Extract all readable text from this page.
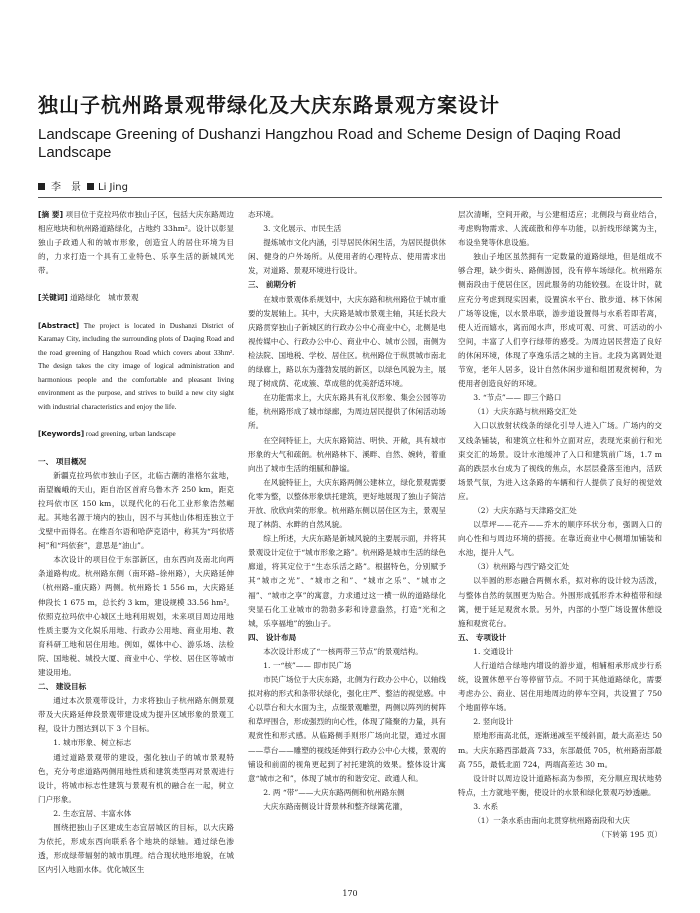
独山子杭州路景观带绿化及大庆东路景观方案设计
Landscape Greening of Dushanzi Hangzhou Road and Scheme Design of Daqing Road Landscape
李　景 Li Jing

[摘 要] 项目位于克拉玛依市独山子区，包括大庆东路周边相应地块和杭州路道路绿化，占地约 33hm²。设计以彰显独山子政通人和的城市形象，创造宜人的居住环境为目的，力求打造一个具有工业特色、乐享生活的新城风光带。

[关键词] 道路绿化　城市景观

[Abstract] The project is located in Dushanzi District of Karamay City, including the surrounding plots of Daqing Road and the road greening of Hangzhou Road which covers about 33hm². The design takes the city image of logical administration and harmonious people and the comfortable and pleasant living environment as the purpose, and strives to build a new city sight with industrial characteristics and enjoy the life.

[Keywords] road greening, urban landscape

一、 项目概况

新疆克拉玛依市独山子区，北临古潮的准格尔盆地，南望巍峨的天山，距自治区首府乌鲁木齐 250 km，距克拉玛依市区 150 km，以现代化的石化工业形象浩然崛起。其地名源于境内的独山，因不与其他山体相连独立于戈壁中而得名。在维吾尔语和哈萨克语中，称其为“玛依塔柯”和“玛依套”，意思是“油山”。

本次设计的项目位于东部新区，由东西向及南北向两条道路构成。杭州路东侧（南环路–徐州路），大庆路延伸（杭州路–重庆路）两侧。杭州路长 1 556 m，大庆路延伸段长 1 675 m，总长约 3 km，建设规模 33.56 hm²。依照克拉玛依中心城区土地利用规划，未来项目周边用地性质主要为文化娱乐用地、行政办公用地、商业用地、教育科研工地和居住用地。例如，媒体中心、游乐场、法检院、国地税、城投大厦、商业中心、学校、居住区等城市建设用地。

二、 建设目标

通过本次景观带设计，力求将独山子杭州路东侧景观带及大庆路延伸段景观带建设成为提升区域形象的景观工程，设计力图达到以下 3 个目标。

1. 城市形象、树立标志

通过道路景观带的建设，强化独山子的城市景观特色，充分考虑道路两侧用地性质和建筑类型再对景观进行设计，将城市标志性建筑与景观有机的融合在一起，树立门户形象。

2. 生态宜居、丰富水体

围绕把独山子区建成生态宜居城区的目标，以大庆路为依托，形成东西向联系各个地块的绿轴。通过绿色渗透，形成绿带辐射的城市肌理。结合现状地形地貌，在城区内引入地面水体。优化城区生

态环境。

3. 文化展示、市民生活

提炼城市文化内涵，引导居民休闲生活，为居民提供休闲、健身的户外场所。从使用者的心理特点、使用需求出发，对道路、景观环境进行设计。

三、 前期分析

在城市景观体系规划中，大庆东路和杭州路位于城市重要的发展轴上。其中，大庆路是城市景观主轴，其延长段大庆路贯穿独山子新城区的行政办公中心商业中心，北侧是电视传媒中心、行政办公中心、商业中心、城市公园，南侧为检法院、国地税、学校、居住区。杭州路位于纵贯城市南北的绿廊上，路以东为蓬勃发展的新区，以绿色风貌为主，展现了树成荫、花成簇、草成毯的优美舒适环境。

在功能需求上，大庆东路具有礼仪形象、集会公园等功能，杭州路形成了城市绿廊，为周边居民提供了休闲活动场所。

在空间特征上，大庆东路简洁、明快、开敞，具有城市形象的大气和疏朗。杭州路林下、溪畔、自然、婉转，着重向出了城市生活的细腻和静谧。

在风貌特征上，大庆东路两侧公建林立，绿化景观需要化零为整，以整体形象烘托建筑，更好地展现了独山子简洁开放、欣欣向荣的形象。杭州路东侧以居住区为主，景观呈现了林荫、水畔的自然风貌。

综上所述，大庆东路是新城风貌的主要展示面，并将其景观设计定位于“城市形象之路”。杭州路是城市生活的绿色廊道，将其定位于“生态乐活之路”。根据特色，分别赋予其“城市之光”、“城市之和”、“城市之乐”、“城市之福”、“城市之享”的寓意，力求通过这一横一纵的道路绿化突显石化工业城市的勃勃多彩和诗意盎然，打造“光和之城，乐享福地”的独山子。

四、 设计布局

本次设计形成了“一核两带三节点”的景观结构。

1. 一“核”—— 即市民广场

市民广场位于大庆东路，北侧为行政办公中心，以轴线拟对称的形式和条带状绿化，强化庄严、整洁的视觉感。中心以草台和大水面为主，点缀景观雕塑，两侧以阵列的树阵和草坪围合，形成强烈的向心性，体现了隆聚的力量，具有观赏性和形式感。从临路侧手则形广场向北望，通过水面——草台——雕塑的视线延伸到行政办公中心大楼，景观的铺设和前面的视角更起到了衬托建筑的效果。整体设计寓意“城市之和”，体现了城市的和谐安定、政通人和。

2. 两 “带”——大庆东路两侧和杭州路东侧

大庆东路南侧设计背景林和整齐绿篱花灌，

层次清晰，空间开敞，与公建相适应；北侧段与商业结合，考虑购物需求、人流疏散和停车功能，以折线形绿篱为主，布设坐凳等休息设施。

独山子地区虽然拥有一定数量的道路绿地，但是组成不够合理，缺少街头、路侧游园，没有停车场绿化。杭州路东侧南段由于使居住区，因此服务的功能较强。在设计时，就应充分考虑到现实因素，设置滨水平台、散步道、林下休闲广场等设施，以水景串联，游步道设置得与水系若即若离，使人近而嬉水，离而闻水声，形成可观、可赏、可活动的小空间，丰富了人们亨行绿带的感受。为周边居民营造了良好的休闲环境，体现了享逸乐活之城的主旨。北段为离调处退节宽，老年人居多，设计自然休闲步道和组团观赏树种，为使用者创造良好的环境。

3. “节点”—— 即三个路口

（1）大庆东路与杭州路交汇处

入口以放射状线条的绿化引导人进入广场。广场内的交叉线条铺装，和建筑立柱和外立面对应，表现光束前行和光束交汇的场景。设计水池缓冲了入口和建筑前广场，1.7 m 高的跌层水台成为了视线的焦点，水层层叠落至池内，活跃场景气氛，为进入这条路的车辆和行人提供了良好的视觉效应。

（2）大庆东路与天津路交汇处

以草坪——花卉——乔木的顺序环状分布，强调入口的向心性和与周边环境的搭接。在靠近商业中心侧增加铺装和水池，提升人气。

（3）杭州路与西宁路交汇处

以半圆的形态融合两侧水系，拟对称的设计较为活泼，与整体自然的氛围更为贴合。外围形成弧形乔木种植带和绿篱，便于延足观赏水景。另外，内部的小型广场设置休憩设施和观赏花台。

五、 专项设计

1. 交通设计

人行道结合绿地内增设的游步道，相辅相承形成步行系统，设置休憩平台等停留节点。不同于其他道路绿化，需要考虑办公、商业、居住用地周边的停车空间，共设置了 750 个地面停车场。

2. 竖向设计

原地形南高北低，逐渐递减至平缓斜面，最大高差达 50 m。大庆东路西部最高 733，东部最低 705，杭州路南部最高 755，最低北面 724，两端高差达 30 m。

设计时以周边设计道路标高为参照，充分顺应现状地势特点，土方就地平衡，使设计的水景和绿化景观巧妙透融。

3. 水系

（1）一条水系由南向北贯穿杭州路南段和大庆

（下转第 195 页）

170
